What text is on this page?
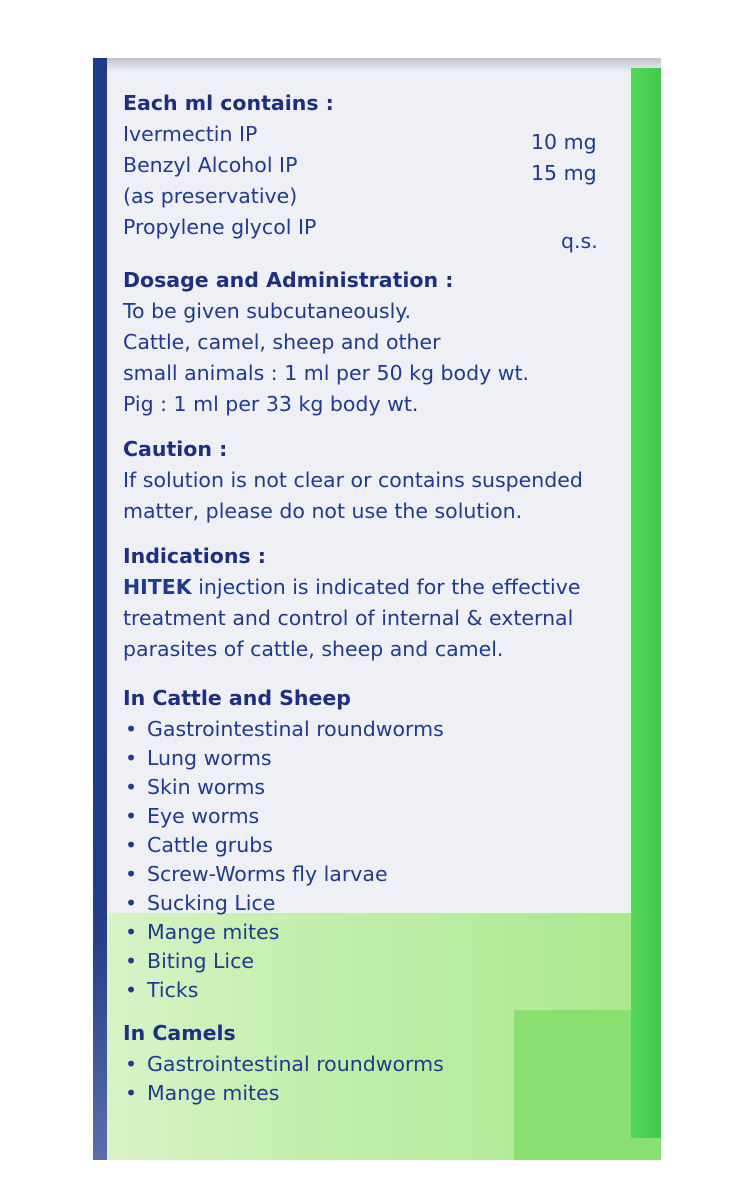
Each ml contains :

Ivermectin IP	10 mg
Benzyl Alcohol IP	15 mg
(as preservative)
Propylene glycol IP
q.s.

Dosage and Administration :

To be given subcutaneously.
Cattle, camel, sheep and other
small animals : 1 ml per 50 kg body wt.
Pig : 1 ml per 33 kg body wt.

Caution :

If solution is not clear or contains suspended
matter, please do not use the solution.

Indications :

HITEK injection is indicated for the effective
treatment and control of internal & external
parasites of cattle, sheep and camel.

In Cattle and Sheep

• Gastrointestinal roundworms
• Lung worms
• Skin worms
• Eye worms
• Cattle grubs
• Screw-Worms fly larvae
• Sucking Lice
• Mange mites
• Biting Lice
• Ticks

In Camels

• Gastrointestinal roundworms
• Mange mites
